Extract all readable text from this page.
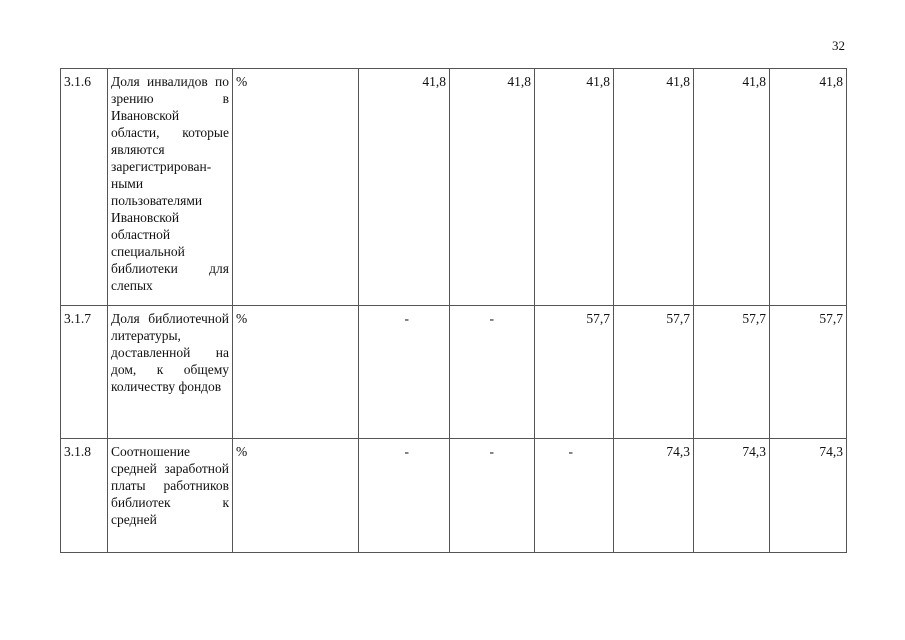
32
3.1.6	Доля инвалидов по зрению в Ивановской области, которые являются зарегистрирован-ными пользователями Ивановской областной специальной библиотеки для слепых	%	41,8	41,8	41,8	41,8	41,8	41,8
3.1.7	Доля библиотечной литературы, доставленной на дом, к общему количеству фондов	%	-	-	57,7	57,7	57,7	57,7
3.1.8	Соотношение средней заработной платы работников библиотек к средней	%	-	-	-	74,3	74,3	74,3
